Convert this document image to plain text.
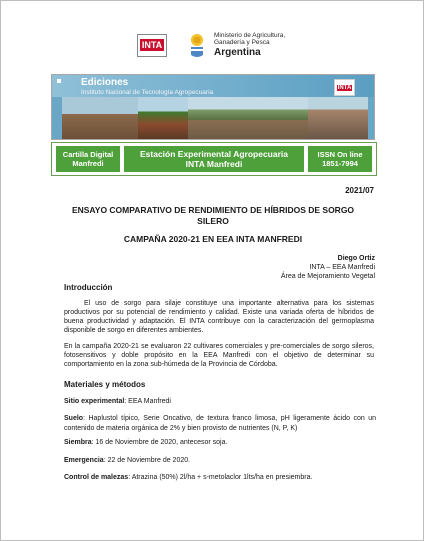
INTA
Ministerio de Agricultura,
Ganadería y Pesca
Argentina
Ediciones
Instituto Nacional de Tecnología Agropecuaria
INTA
Cartilla Digital
Manfredi
Estación Experimental Agropecuaria
INTA Manfredi
ISSN On line
1851-7994
2021/07
ENSAYO COMPARATIVO DE RENDIMIENTO DE HÍBRIDOS DE SORGO
SILERO
CAMPAÑA 2020-21 EN EEA INTA MANFREDI
Diego Ortiz
INTA – EEA Manfredi
Área de Mejoramiento Vegetal
Introducción
El uso de sorgo para silaje constituye una importante alternativa para los sistemas productivos por su potencial de rendimiento y calidad. Existe una variada oferta de híbridos de buena productividad y adaptación. El INTA contribuye con la caracterización del germoplasma disponible de sorgo en diferentes ambientes.
En la campaña 2020-21 se evaluaron 22 cultivares comerciales y pre-comerciales de sorgo sileros, fotosensitivos y doble propósito en la EEA Manfredi con el objetivo de determinar su comportamiento en la zona sub-húmeda de la Provincia de Córdoba.
Materiales y métodos
Sitio experimental: EEA Manfredi
Suelo: Haplustol típico, Serie Oncativo, de textura franco limosa, pH ligeramente ácido con un contenido de materia orgánica de 2% y bien provisto de nutrientes (N, P, K)
Siembra: 16 de Noviembre de 2020, antecesor soja.
Emergencia: 22 de Noviembre de 2020.
Control de malezas: Atrazina (50%) 2l/ha + s-metolaclor 1lts/ha en presiembra.
